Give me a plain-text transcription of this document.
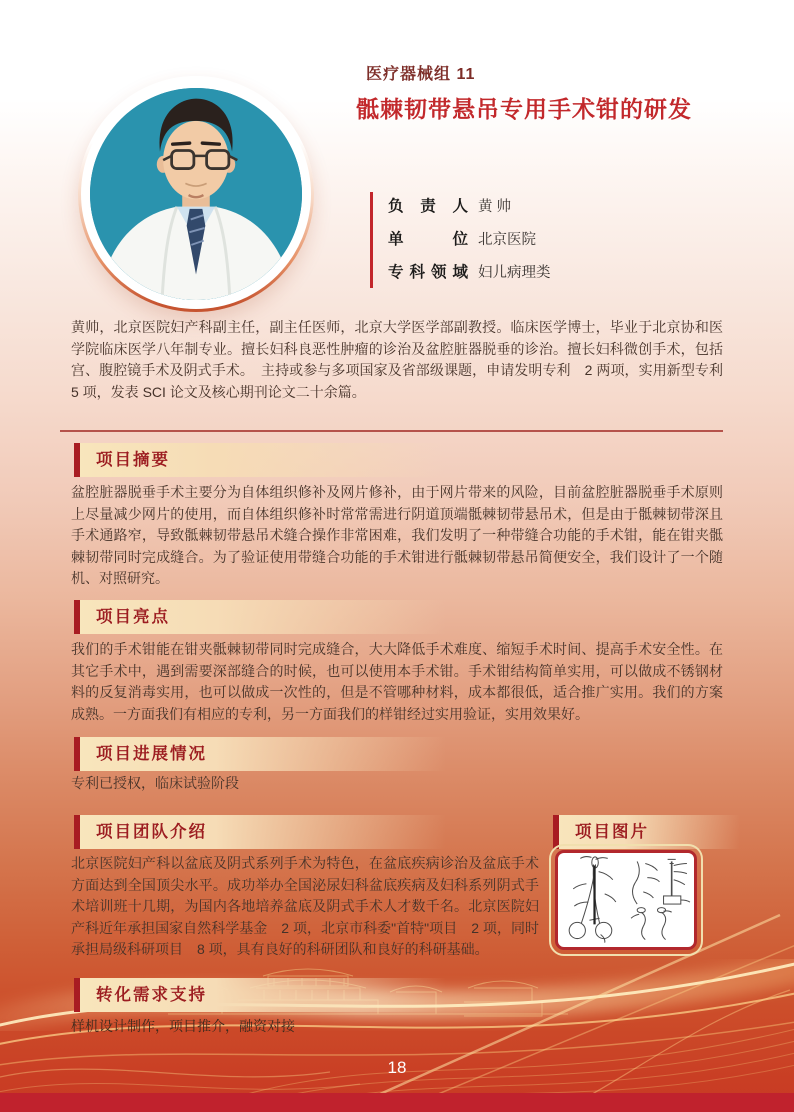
医疗器械组 11
骶棘韧带悬吊专用手术钳的研发
负责人 黄 帅
单位 北京医院
专科领域 妇儿病理类
黄帅，北京医院妇产科副主任，副主任医师，北京大学医学部副教授。临床医学博士，毕业于北京协和医学院临床医学八年制专业。擅长妇科良恶性肿瘤的诊治及盆腔脏器脱垂的诊治。擅长妇科微创手术，包括宫、腹腔镜手术及阴式手术。　主持或参与多项国家及省部级课题，申请发明专利　2 两项，实用新型专利 5 项，发表 SCI 论文及核心期刊论文二十余篇。
项目摘要
盆腔脏器脱垂手术主要分为自体组织修补及网片修补，由于网片带来的风险，目前盆腔脏器脱垂手术原则上尽量减少网片的使用，而自体组织修补时常常需进行阴道顶端骶棘韧带悬吊术，但是由于骶棘韧带深且手术通路窄，导致骶棘韧带悬吊术缝合操作非常困难，我们发明了一种带缝合功能的手术钳，能在钳夹骶棘韧带同时完成缝合。为了验证使用带缝合功能的手术钳进行骶棘韧带悬吊简便安全，我们设计了一个随机、对照研究。
项目亮点
我们的手术钳能在钳夹骶棘韧带同时完成缝合，大大降低手术难度、缩短手术时间、提高手术安全性。在其它手术中，遇到需要深部缝合的时候，也可以使用本手术钳。手术钳结构简单实用，可以做成不锈钢材料的反复消毒实用，也可以做成一次性的，但是不管哪种材料，成本都很低，适合推广实用。我们的方案成熟。一方面我们有相应的专利，另一方面我们的样钳经过实用验证，实用效果好。
项目进展情况
专利已授权，临床试验阶段
项目团队介绍
北京医院妇产科以盆底及阴式系列手术为特色，在盆底疾病诊治及盆底手术方面达到全国顶尖水平。成功举办全国泌尿妇科盆底疾病及妇科系列阴式手术培训班十几期，为国内各地培养盆底及阴式手术人才数千名。北京医院妇产科近年承担国家自然科学基金　2 项，北京市科委"首特"项目　2 项，同时承担局级科研项目　8 项，具有良好的科研团队和良好的科研基础。
项目图片
转化需求支持
样机设计制作，项目推介，融资对接
18
